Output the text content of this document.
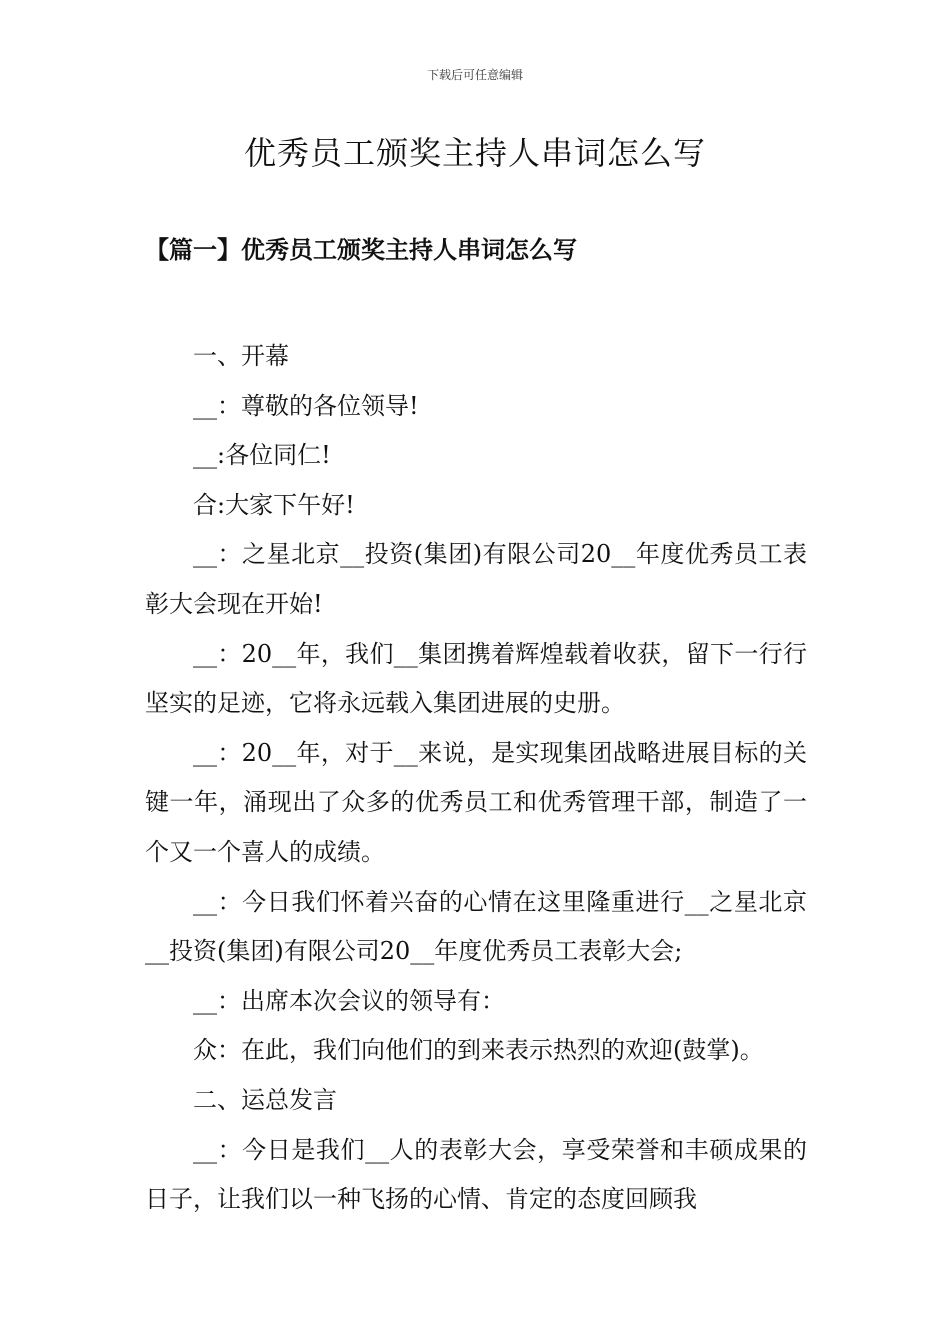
下载后可任意编辑
优秀员工颁奖主持人串词怎么写
【篇一】优秀员工颁奖主持人串词怎么写

一、开幕

__：尊敬的各位领导!

__:各位同仁!

合:大家下午好!

__：之星北京__投资(集团)有限公司20__年度优秀员工表彰大会现在开始!

__：20__年，我们__集团携着辉煌载着收获，留下一行行坚实的足迹，它将永远载入集团进展的史册。

__：20__年，对于__来说，是实现集团战略进展目标的关键一年，涌现出了众多的优秀员工和优秀管理干部，制造了一个又一个喜人的成绩。

__：今日我们怀着兴奋的心情在这里隆重进行__之星北京__投资(集团)有限公司20__年度优秀员工表彰大会;

__：出席本次会议的领导有：

众：在此，我们向他们的到来表示热烈的欢迎(鼓掌)。

二、运总发言

__：今日是我们__人的表彰大会，享受荣誉和丰硕成果的日子，让我们以一种飞扬的心情、肯定的态度回顾我
